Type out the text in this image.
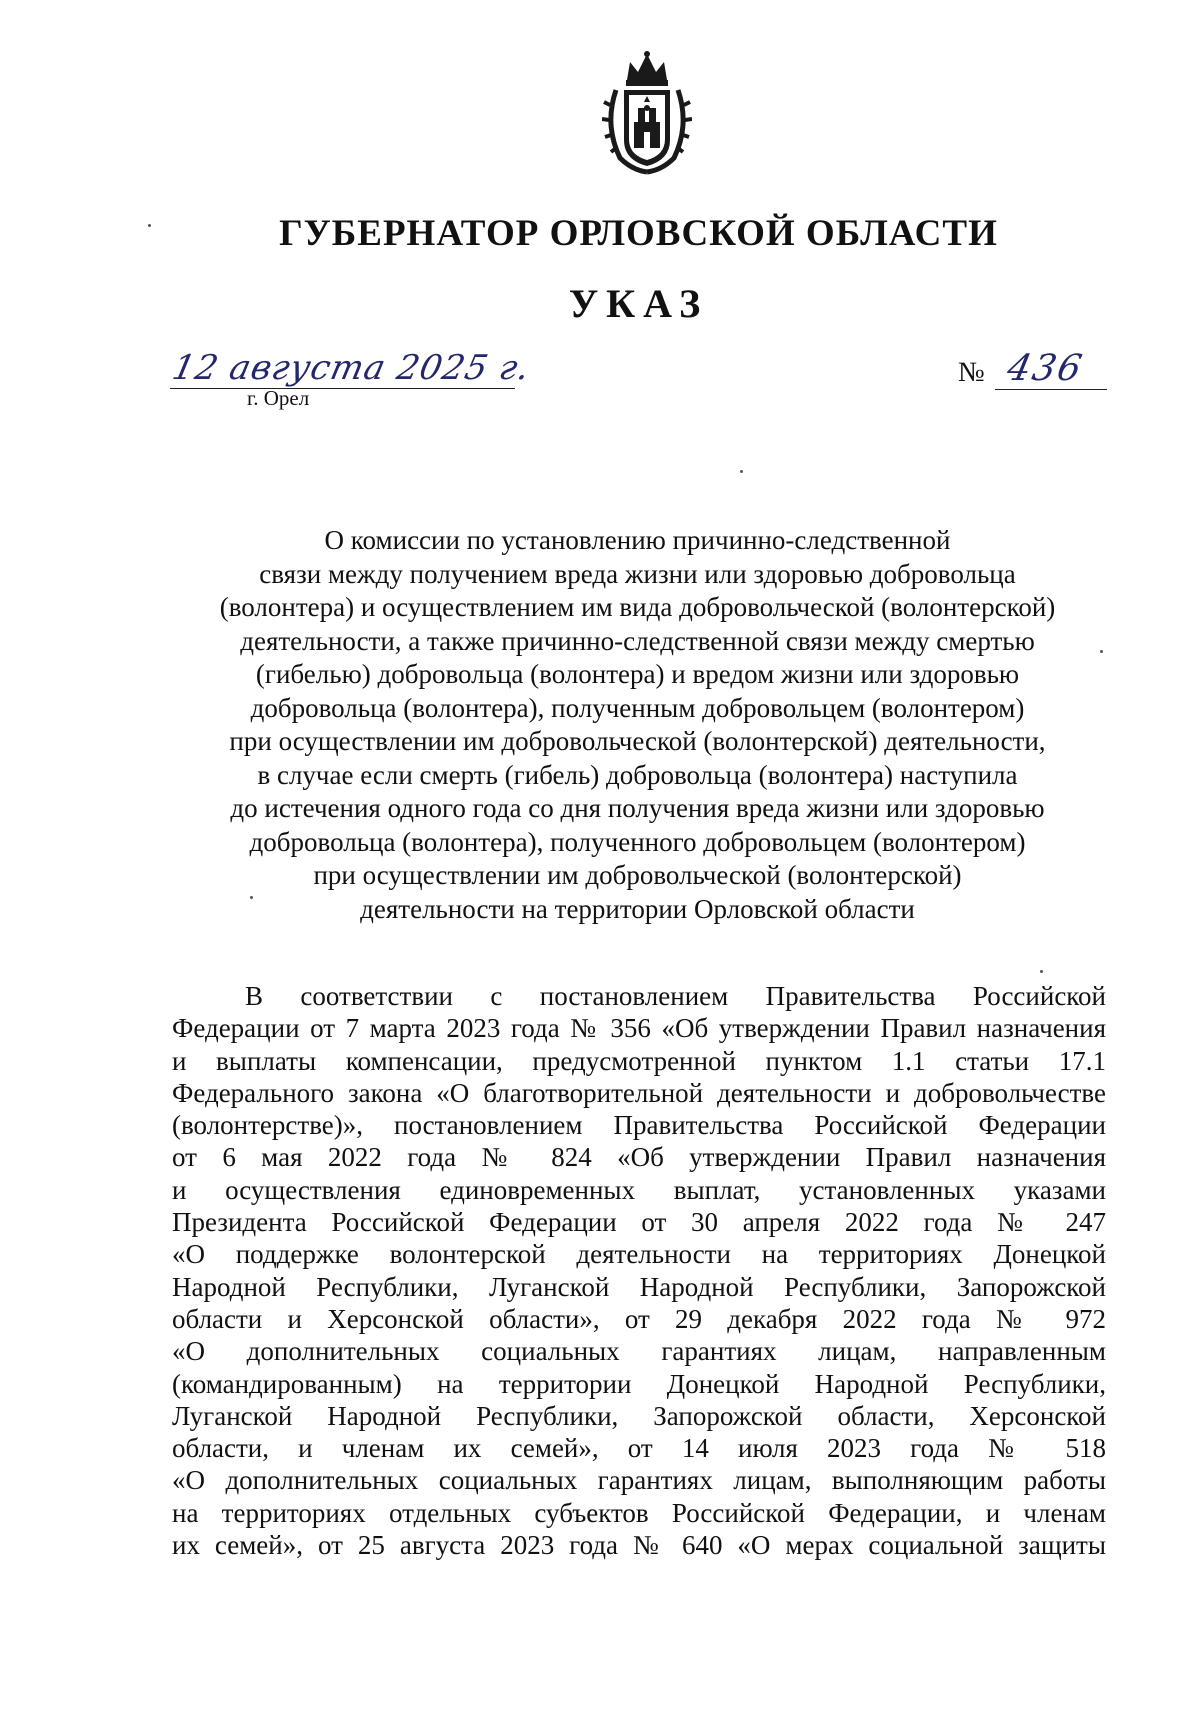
ГУБЕРНАТОР ОРЛОВСКОЙ ОБЛАСТИ
УКАЗ
12 августа 2025 г.
г. Орел
№ 436
О комиссии по установлению причинно-следственной
связи между получением вреда жизни или здоровью добровольца
(волонтера) и осуществлением им вида добровольческой (волонтерской)
деятельности, а также причинно-следственной связи между смертью
(гибелью) добровольца (волонтера) и вредом жизни или здоровью
добровольца (волонтера), полученным добровольцем (волонтером)
при осуществлении им добровольческой (волонтерской) деятельности,
в случае если смерть (гибель) добровольца (волонтера) наступила
до истечения одного года со дня получения вреда жизни или здоровью
добровольца (волонтера), полученного добровольцем (волонтером)
при осуществлении им добровольческой (волонтерской)
деятельности на территории Орловской области
В соответствии с постановлением Правительства Российской
Федерации от 7 марта 2023 года № 356 «Об утверждении Правил назначения
и выплаты компенсации, предусмотренной пунктом 1.1 статьи 17.1
Федерального закона «О благотворительной деятельности и добровольчестве
(волонтерстве)», постановлением Правительства Российской Федерации
от 6 мая 2022 года № 824 «Об утверждении Правил назначения
и осуществления единовременных выплат, установленных указами
Президента Российской Федерации от 30 апреля 2022 года № 247
«О поддержке волонтерской деятельности на территориях Донецкой
Народной Республики, Луганской Народной Республики, Запорожской
области и Херсонской области», от 29 декабря 2022 года № 972
«О дополнительных социальных гарантиях лицам, направленным
(командированным) на территории Донецкой Народной Республики,
Луганской Народной Республики, Запорожской области, Херсонской
области, и членам их семей», от 14 июля 2023 года № 518
«О дополнительных социальных гарантиях лицам, выполняющим работы
на территориях отдельных субъектов Российской Федерации, и членам
их семей», от 25 августа 2023 года № 640 «О мерах социальной защиты
